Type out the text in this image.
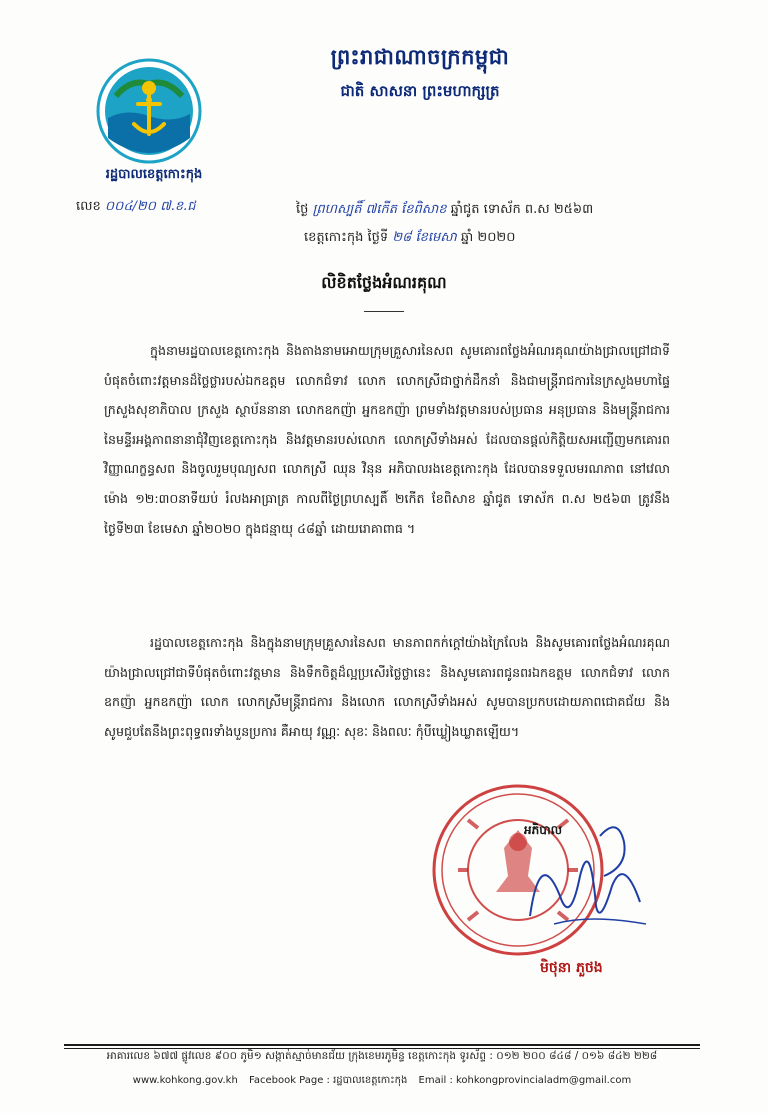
ព្រះរាជាណាចក្រកម្ពុជា
ជាតិ សាសនា ព្រះមហាក្សត្រ
រដ្ឋបាលខេត្តកោះកុង
លេខ ០០៤/២០ ៧.ខ.ជ	ថ្ងៃ ព្រហស្បតិ៍ ៧កើត ខែពិសាខ ឆ្នាំជូត ទោស័ក ព.ស ២៥៦៣
ខេត្តកោះកុង ថ្ងៃទី ២៨ ខែមេសា ឆ្នាំ ២០២០
លិខិតថ្លែងអំណរគុណ

ក្នុងនាមរដ្ឋបាលខេត្តកោះកុង និងតាងនាមអោយក្រុមគ្រួសារនៃសព សូមគោរពថ្លែងអំណរគុណយ៉ាងជ្រាលជ្រៅជាទីបំផុតចំពោះវត្តមានដ៏ថ្លៃថ្លារបស់ឯកឧត្តម លោកជំទាវ លោក លោកស្រីជាថ្នាក់ដឹកនាំ និងជាមន្ត្រីរាជការនៃក្រសួងមហាផ្ទៃ ក្រសួងសុខាភិបាល ក្រសួង ស្ថាប័ននានា លោកឧកញ៉ា អ្នកឧកញ៉ា ព្រមទាំងវត្តមានរបស់ប្រធាន អនុប្រធាន និងមន្ត្រីរាជការនៃមន្ទីរអង្គភាពនានាជុំវិញខេត្តកោះកុង និងវត្តមានរបស់លោក លោកស្រីទាំងអស់ ដែលបានផ្តល់កិត្តិយសអញ្ជើញមកគោរពវិញ្ញាណក្ខន្ធសព និងចូលរួមបុណ្យសព លោកស្រី ឈុន វិនុន អភិបាលរងខេត្តកោះកុង ដែលបានទទួលមរណភាព នៅវេលាម៉ោង ១២:៣០នាទីយប់ រំលងអាធ្រាត្រ កាលពីថ្ងៃព្រហស្បតិ៍ ២កើត ខែពិសាខ ឆ្នាំជូត ទោស័ក ព.ស ២៥៦៣ ត្រូវនឹងថ្ងៃទី២៣ ខែមេសា ឆ្នាំ២០២០ ក្នុងជន្មាយុ ៤៨ឆ្នាំ ដោយរោគាពាធ ។

រដ្ឋបាលខេត្តកោះកុង និងក្នុងនាមក្រុមគ្រួសារនៃសព មានភាពកក់ក្តៅយ៉ាងក្រៃលែង និងសូមគោរពថ្លែងអំណរគុណយ៉ាងជ្រាលជ្រៅជាទីបំផុតចំពោះវត្តមាន និងទឹកចិត្តដ៏ល្អប្រសើរថ្លៃថ្លានេះ និងសូមគោរពជូនពរឯកឧត្តម លោកជំទាវ លោកឧកញ៉ា អ្នកឧកញ៉ា លោក លោកស្រីមន្ត្រីរាជការ និងលោក លោកស្រីទាំងអស់ សូមបានប្រកបដោយភាពជោគជ័យ និងសូមជួបតែនឹងព្រះពុទ្ធពរទាំងបួនប្រការ គឺអាយុ វណ្ណៈ សុខៈ និងពលៈ កុំបីឃ្លៀងឃ្លាតឡើយ។

អភិបាល
មិថុនា ភួថង
អាគារលេខ ៦៧៧ ផ្លូវលេខ ៩០០ ភូមិ១ សង្កាត់ស្មាច់មានជ័យ ក្រុងខេមរភូមិន្ទ ខេត្តកោះកុង ទូរស័ព្ទ : ០១២ ២០០ ៨៤៨ / ០១៦ ៨៤២ ២២៨
www.kohkong.gov.kh Facebook Page : រដ្ឋបាលខេត្តកោះកុង Email : kohkongprovincialadm@gmail.com
